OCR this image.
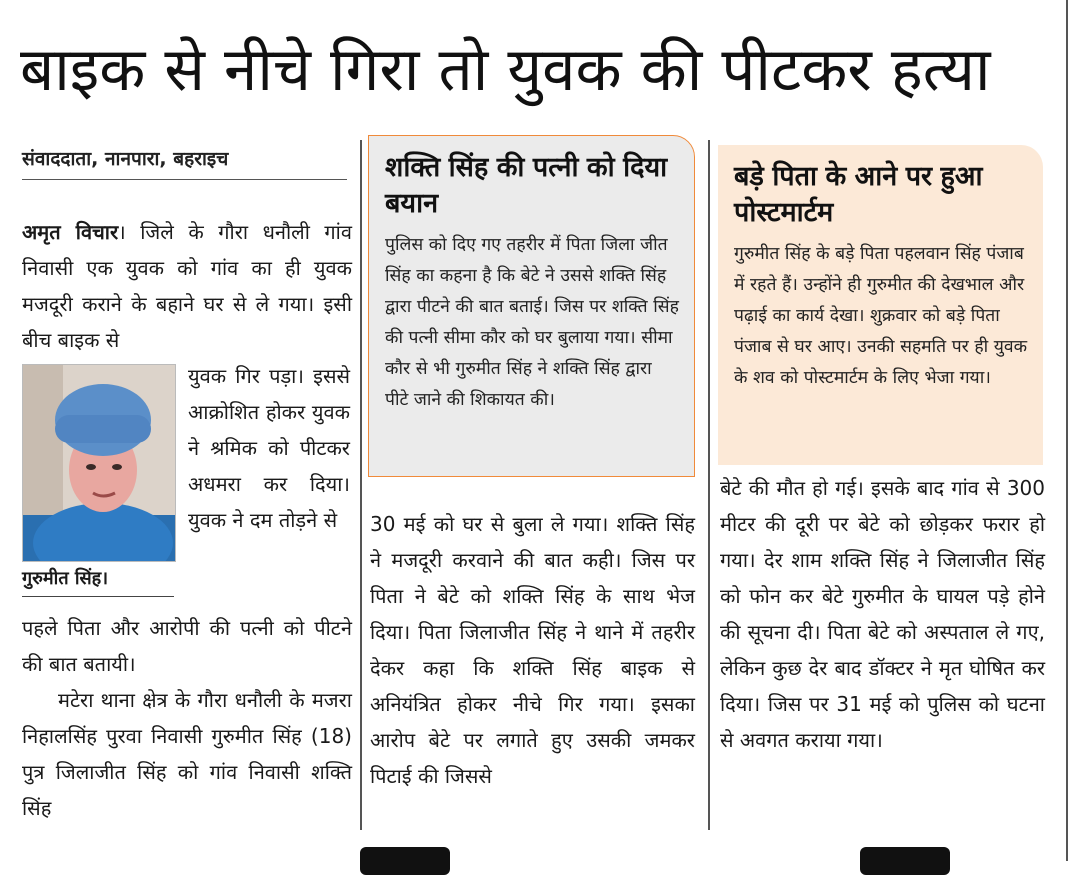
बाइक से नीचे गिरा तो युवक की पीटकर हत्या
संवाददाता, नानपारा, बहराइच
अमृत विचार। जिले के गौरा धनौली गांव निवासी एक युवक को गांव का ही युवक मजदूरी कराने के बहाने घर से ले गया। इसी बीच बाइक से
गुरुमीत सिंह।
युवक गिर पड़ा। इससे आक्रोशित होकर युवक ने श्रमिक को पीटकर अधमरा कर दिया। युवक ने दम तोड़ने से
पहले पिता और आरोपी की पत्नी को पीटने की बात बतायी।
मटेरा थाना क्षेत्र के गौरा धनौली के मजरा निहालसिंह पुरवा निवासी गुरुमीत सिंह (18) पुत्र जिलाजीत सिंह को गांव निवासी शक्ति सिंह
शक्ति सिंह की पत्नी को दिया बयान
पुलिस को दिए गए तहरीर में पिता जिला जीत सिंह का कहना है कि बेटे ने उससे शक्ति सिंह द्वारा पीटने की बात बताई। जिस पर शक्ति सिंह की पत्नी सीमा कौर को घर बुलाया गया। सीमा कौर से भी गुरुमीत सिंह ने शक्ति सिंह द्वारा पीटे जाने की शिकायत की।
बड़े पिता के आने पर हुआ पोस्टमार्टम
गुरुमीत सिंह के बड़े पिता पहलवान सिंह पंजाब में रहते हैं। उन्होंने ही गुरुमीत की देखभाल और पढ़ाई का कार्य देखा। शुक्रवार को बड़े पिता पंजाब से घर आए। उनकी सहमति पर ही युवक के शव को पोस्टमार्टम के लिए भेजा गया।
30 मई को घर से बुला ले गया। शक्ति सिंह ने मजदूरी करवाने की बात कही। जिस पर पिता ने बेटे को शक्ति सिंह के साथ भेज दिया। पिता जिलाजीत सिंह ने थाने में तहरीर देकर कहा कि शक्ति सिंह बाइक से अनियंत्रित होकर नीचे गिर गया। इसका आरोप बेटे पर लगाते हुए उसकी जमकर पिटाई की जिससे
बेटे की मौत हो गई। इसके बाद गांव से 300 मीटर की दूरी पर बेटे को छोड़कर फरार हो गया। देर शाम शक्ति सिंह ने जिलाजीत सिंह को फोन कर बेटे गुरुमीत के घायल पड़े होने की सूचना दी। पिता बेटे को अस्पताल ले गए, लेकिन कुछ देर बाद डॉक्टर ने मृत घोषित कर दिया। जिस पर 31 मई को पुलिस को घटना से अवगत कराया गया।
